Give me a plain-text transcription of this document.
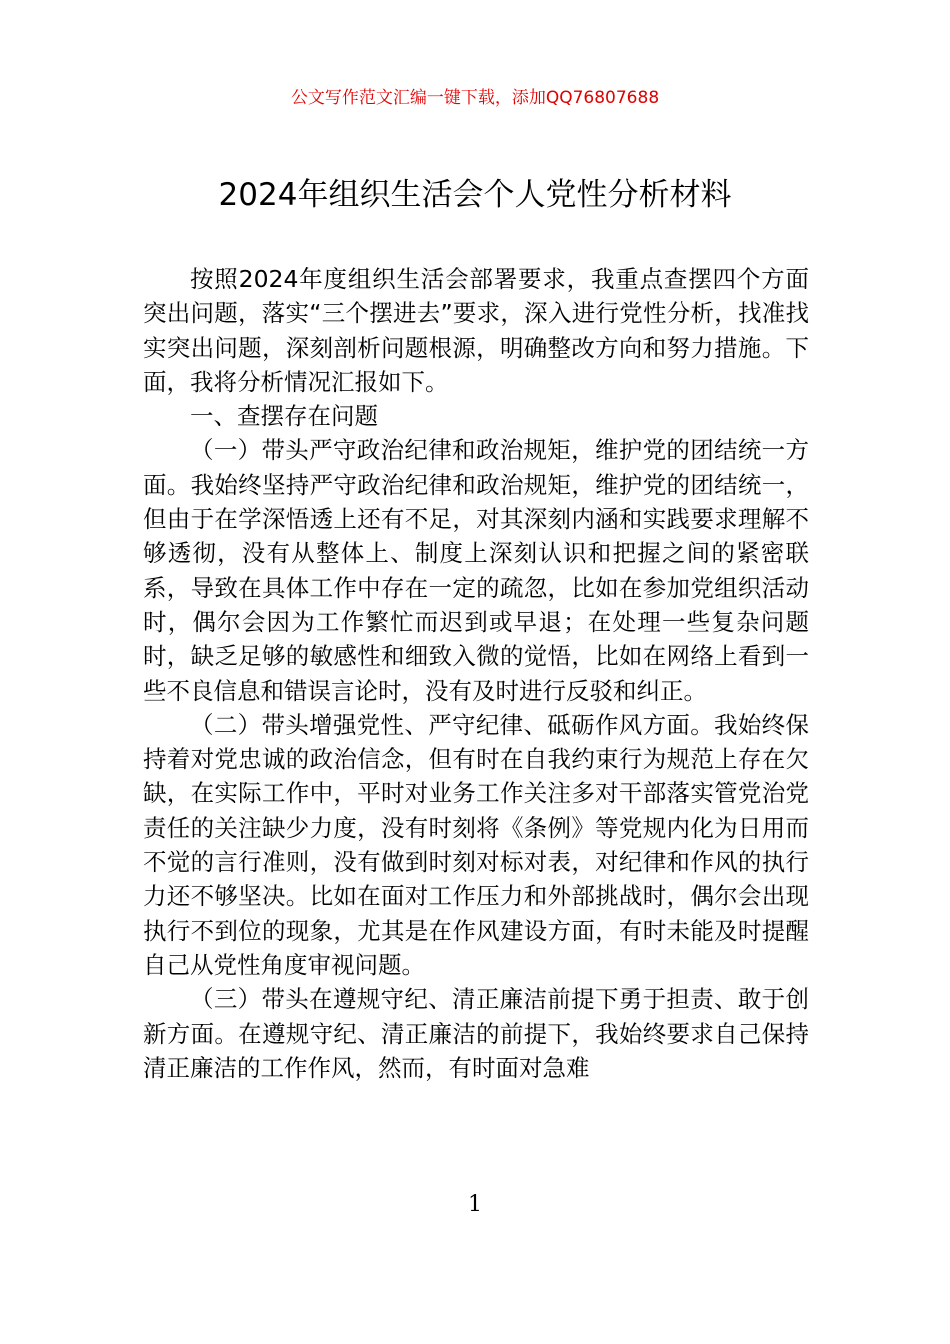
公文写作范文汇编一键下载，添加QQ76807688
2024年组织生活会个人党性分析材料

按照2024年度组织生活会部署要求，我重点查摆四个方面突出问题，落实“三个摆进去”要求，深入进行党性分析，找准找实突出问题，深刻剖析问题根源，明确整改方向和努力措施。下面，我将分析情况汇报如下。

一、查摆存在问题

（一）带头严守政治纪律和政治规矩，维护党的团结统一方面。我始终坚持严守政治纪律和政治规矩，维护党的团结统一，但由于在学深悟透上还有不足，对其深刻内涵和实践要求理解不够透彻，没有从整体上、制度上深刻认识和把握之间的紧密联系，导致在具体工作中存在一定的疏忽，比如在参加党组织活动时，偶尔会因为工作繁忙而迟到或早退；在处理一些复杂问题时，缺乏足够的敏感性和细致入微的觉悟，比如在网络上看到一些不良信息和错误言论时，没有及时进行反驳和纠正。

（二）带头增强党性、严守纪律、砥砺作风方面。我始终保持着对党忠诚的政治信念，但有时在自我约束行为规范上存在欠缺，在实际工作中，平时对业务工作关注多对干部落实管党治党责任的关注缺少力度，没有时刻将《条例》等党规内化为日用而不觉的言行准则，没有做到时刻对标对表，对纪律和作风的执行力还不够坚决。比如在面对工作压力和外部挑战时，偶尔会出现执行不到位的现象，尤其是在作风建设方面，有时未能及时提醒自己从党性角度审视问题。

（三）带头在遵规守纪、清正廉洁前提下勇于担责、敢于创新方面。在遵规守纪、清正廉洁的前提下，我始终要求自己保持清正廉洁的工作作风，然而，有时面对急难

1
